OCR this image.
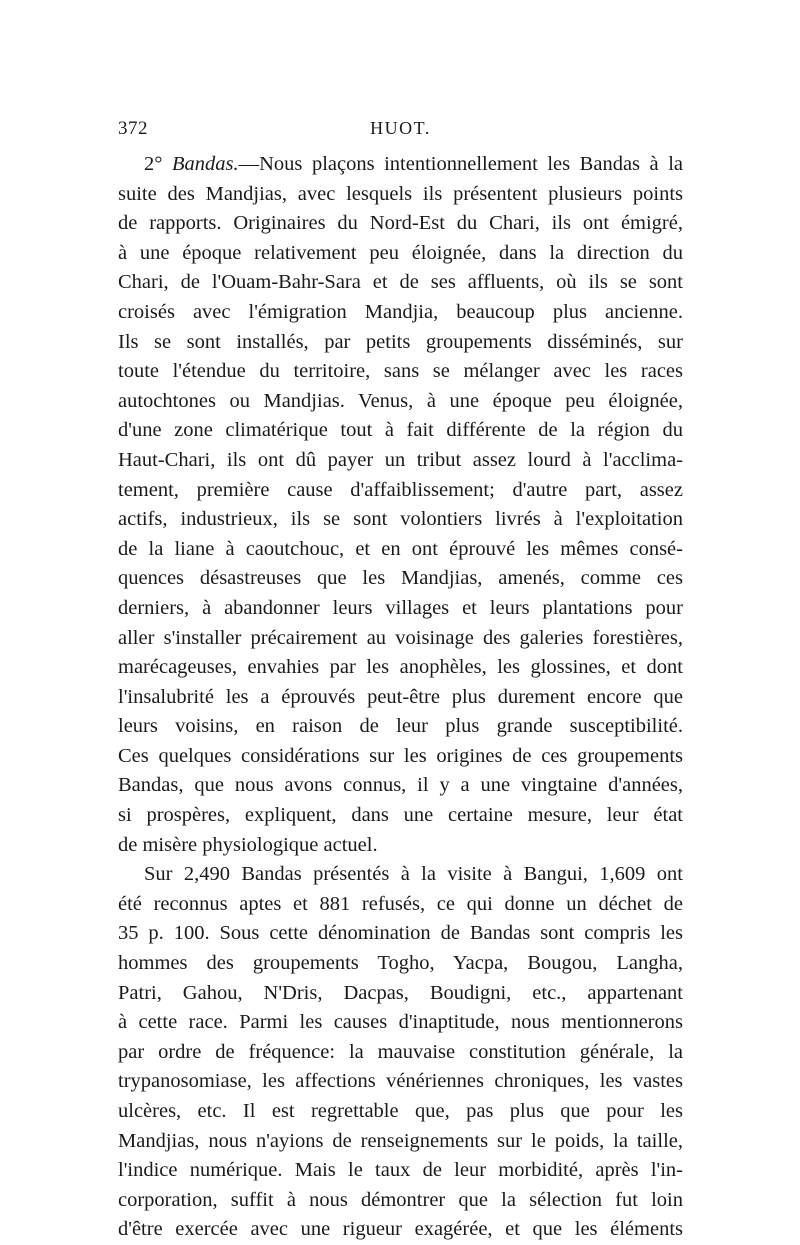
372	HUOT.
2° Bandas.—Nous plaçons intentionnellement les Bandas à la
suite des Mandjias, avec lesquels ils présentent plusieurs points
de rapports. Originaires du Nord-Est du Chari, ils ont émigré,
à une époque relativement peu éloignée, dans la direction du
Chari, de l'Ouam-Bahr-Sara et de ses affluents, où ils se sont
croisés avec l'émigration Mandjia, beaucoup plus ancienne.
Ils se sont installés, par petits groupements disséminés, sur
toute l'étendue du territoire, sans se mélanger avec les races
autochtones ou Mandjias. Venus, à une époque peu éloignée,
d'une zone climatérique tout à fait différente de la région du
Haut-Chari, ils ont dû payer un tribut assez lourd à l'acclima-
tement, première cause d'affaiblissement; d'autre part, assez
actifs, industrieux, ils se sont volontiers livrés à l'exploitation
de la liane à caoutchouc, et en ont éprouvé les mêmes consé-
quences désastreuses que les Mandjias, amenés, comme ces
derniers, à abandonner leurs villages et leurs plantations pour
aller s'installer précairement au voisinage des galeries forestières,
marécageuses, envahies par les anophèles, les glossines, et dont
l'insalubrité les a éprouvés peut-être plus durement encore que
leurs voisins, en raison de leur plus grande susceptibilité.
Ces quelques considérations sur les origines de ces groupements
Bandas, que nous avons connus, il y a une vingtaine d'années,
si prospères, expliquent, dans une certaine mesure, leur état
de misère physiologique actuel.
Sur 2,490 Bandas présentés à la visite à Bangui, 1,609 ont
été reconnus aptes et 881 refusés, ce qui donne un déchet de
35 p. 100. Sous cette dénomination de Bandas sont compris les
hommes des groupements Togho, Yacpa, Bougou, Langha,
Patri, Gahou, N'Dris, Dacpas, Boudigni, etc., appartenant
à cette race. Parmi les causes d'inaptitude, nous mentionnerons
par ordre de fréquence: la mauvaise constitution générale, la
trypanosomiase, les affections vénériennes chroniques, les vastes
ulcères, etc. Il est regrettable que, pas plus que pour les
Mandjias, nous n'ayions de renseignements sur le poids, la taille,
l'indice numérique. Mais le taux de leur morbidité, après l'in-
corporation, suffit à nous démontrer que la sélection fut loin
d'être exercée avec une rigueur exagérée, et que les éléments
